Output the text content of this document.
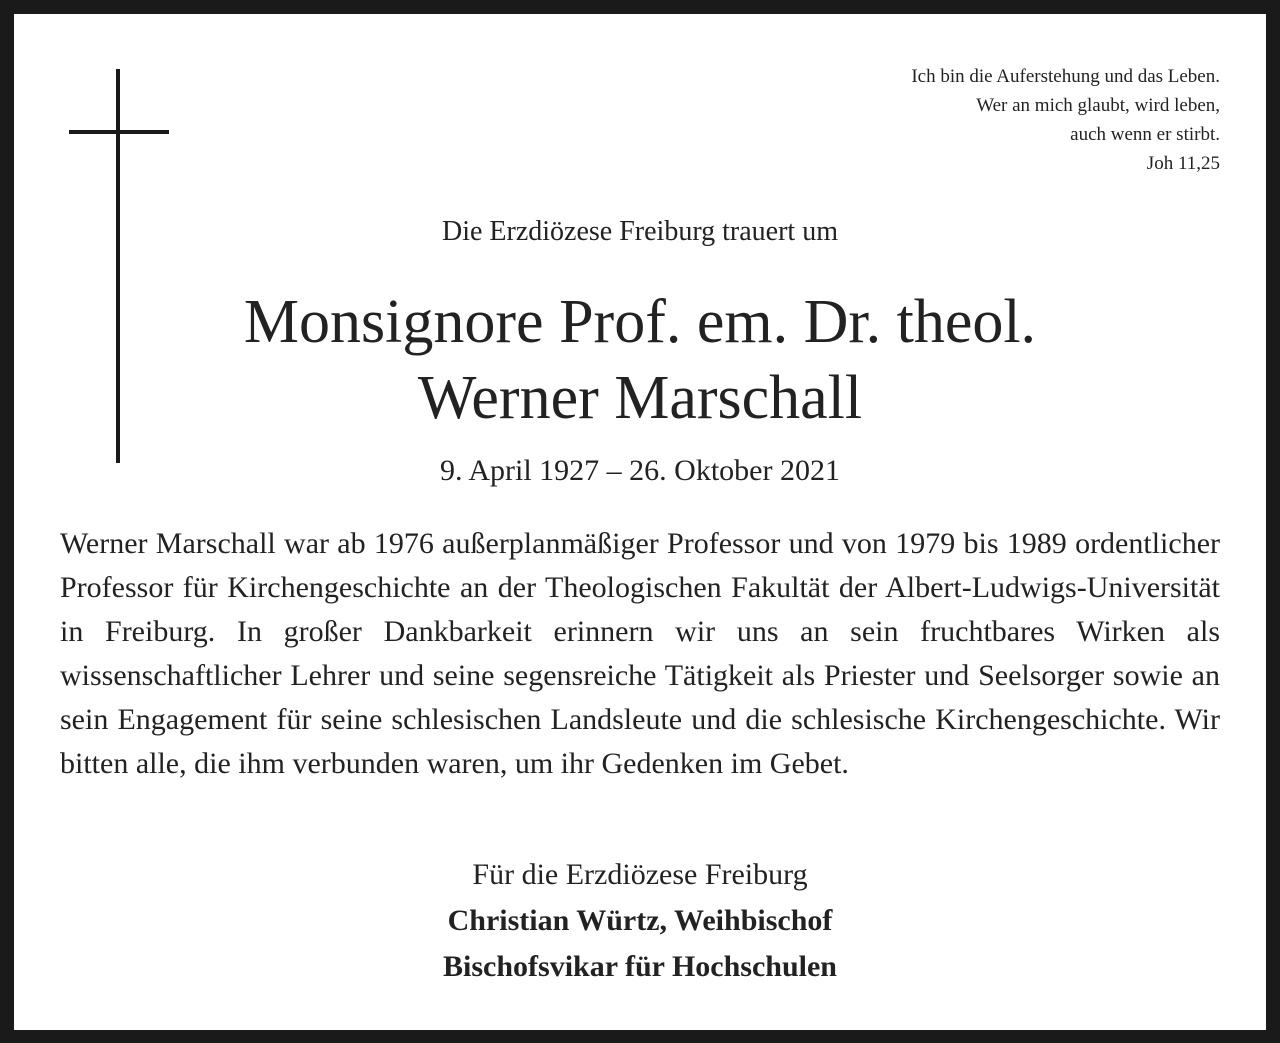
Ich bin die Auferstehung und das Leben.
Wer an mich glaubt, wird leben,
auch wenn er stirbt.
Joh 11,25
Die Erzdiözese Freiburg trauert um
Monsignore Prof. em. Dr. theol.
Werner Marschall
9. April 1927 – 26. Oktober 2021
Werner Marschall war ab 1976 außerplanmäßiger Professor und von 1979 bis 1989 ordentlicher Professor für Kirchengeschichte an der Theologischen Fakultät der Albert-Ludwigs-Universität in Freiburg. In großer Dankbarkeit erinnern wir uns an sein fruchtbares Wirken als wissenschaftlicher Lehrer und seine segensreiche Tätigkeit als Priester und Seelsorger sowie an sein Engagement für seine schlesischen Landsleute und die schlesische Kirchengeschichte. Wir bitten alle, die ihm verbunden waren, um ihr Gedenken im Gebet.
Für die Erzdiözese Freiburg
Christian Würtz, Weihbischof
Bischofsvikar für Hochschulen
